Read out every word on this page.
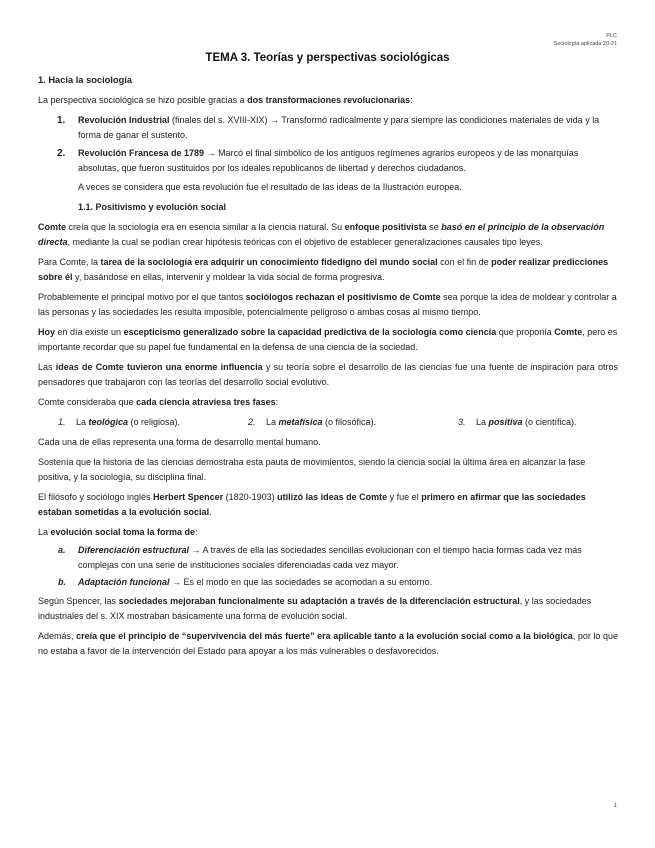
PLC
Sociología aplicada 20-21
TEMA 3. Teorías y perspectivas sociológicas

1. Hacia la sociología

La perspectiva sociológica se hizo posible gracias a dos transformaciones revolucionarias:

1.	Revolución Industrial (finales del s. XVIII-XIX) → Transformó radicalmente y para siempre las condiciones materiales de vida y la forma de ganar el sustento.
2.	Revolución Francesa de 1789 → Marcó el final simbólico de los antiguos regímenes agrarios europeos y de las monarquías absolutas, que fueron sustituidos por los ideales republicanos de libertad y derechos ciudadanos.

A veces se considera que esta revolución fue el resultado de las ideas de la Ilustración europea.

1.1. Positivismo y evolución social

Comte creía que la sociología era en esencia similar a la ciencia natural. Su enfoque positivista se basó en el principio de la observación directa, mediante la cual se podían crear hipótesis teóricas con el objetivo de establecer generalizaciones causales tipo leyes.

Para Comte, la tarea de la sociología era adquirir un conocimiento fidedigno del mundo social con el fin de poder realizar predicciones sobre él y, basándose en ellas, intervenir y moldear la vida social de forma progresiva.

Probablemente el principal motivo por el que tantos sociólogos rechazan el positivismo de Comte sea porque la idea de moldear y controlar a las personas y las sociedades les resulta imposible, potencialmente peligroso o ambas cosas al mismo tiempo.

Hoy en día existe un escepticismo generalizado sobre la capacidad predictiva de la sociología como ciencia que proponía Comte, pero es importante recordar que su papel fue fundamental en la defensa de una ciencia de la sociedad.

Las ideas de Comte tuvieron una enorme influencia y su teoría sobre el desarrollo de las ciencias fue una fuente de inspiración para otros pensadores que trabajaron con las teorías del desarrollo social evolutivo.

Comte consideraba que cada ciencia atraviesa tres fases:

1.	La teológica (o religiosa).	2.	La metafísica (o filosófica).	3.	La positiva (o científica).

Cada una de ellas representa una forma de desarrollo mental humano.

Sostenía que la historia de las ciencias demostraba esta pauta de movimientos, siendo la ciencia social la última área en alcanzar la fase positiva, y la sociología, su disciplina final.

El filósofo y sociólogo inglés Herbert Spencer (1820-1903) utilizó las ideas de Comte y fue el primero en afirmar que las sociedades estaban sometidas a la evolución social.

La evolución social toma la forma de:

a.	Diferenciación estructural → A través de ella las sociedades sencillas evolucionan con el tiempo hacia formas cada vez más complejas con una serie de instituciones sociales diferenciadas cada vez mayor.
b.	Adaptación funcional → Es el modo en que las sociedades se acomodan a su entorno.

Según Spencer, las sociedades mejoraban funcionalmente su adaptación a través de la diferenciación estructural, y las sociedades industriales del s. XIX mostraban básicamente una forma de evolución social.

Además, creía que el principio de “supervivencia del más fuerte” era aplicable tanto a la evolución social como a la biológica, por lo que no estaba a favor de la intervención del Estado para apoyar a los más vulnerables o desfavorecidos.

1
